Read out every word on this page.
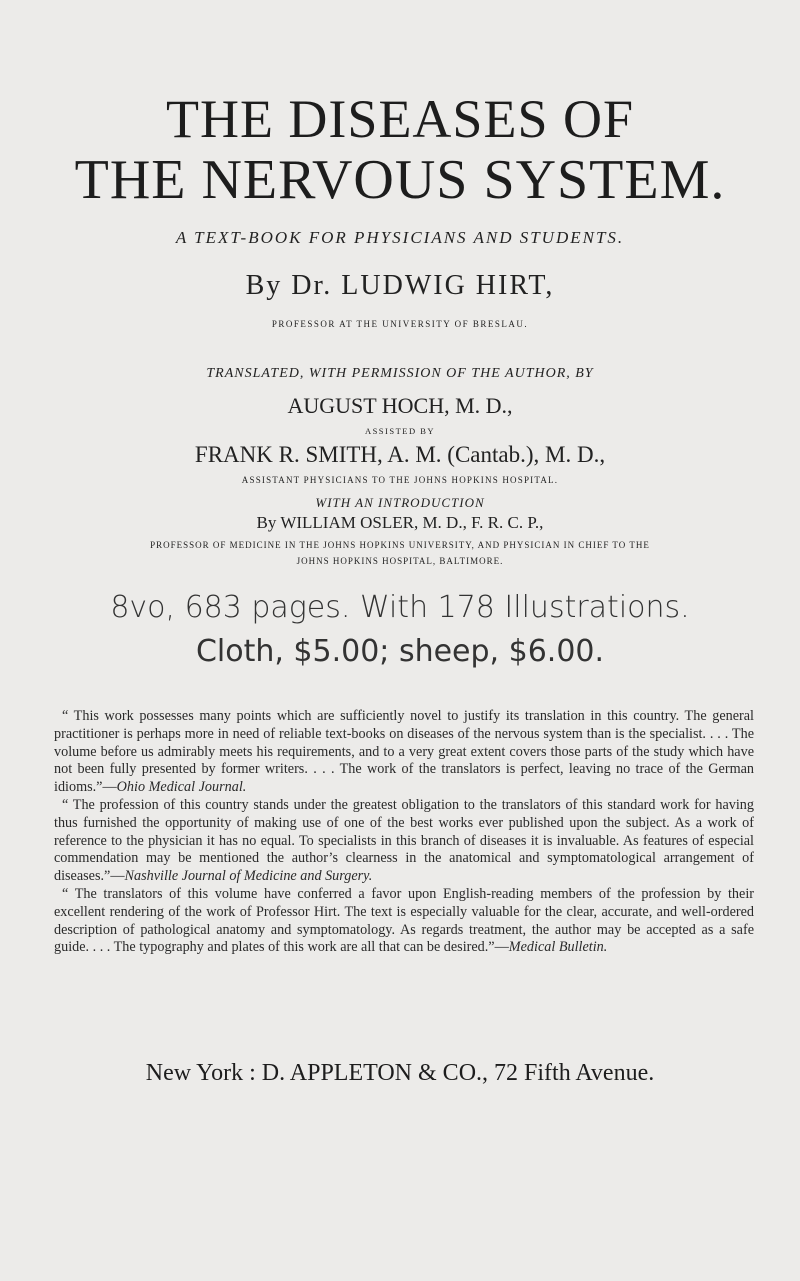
THE DISEASES OF
THE NERVOUS SYSTEM.
A TEXT-BOOK FOR PHYSICIANS AND STUDENTS.
By Dr. LUDWIG HIRT,
PROFESSOR AT THE UNIVERSITY OF BRESLAU.
TRANSLATED, WITH PERMISSION OF THE AUTHOR, BY
AUGUST HOCH, M. D.,
ASSISTED BY
FRANK R. SMITH, A. M. (Cantab.), M. D.,
ASSISTANT PHYSICIANS TO THE JOHNS HOPKINS HOSPITAL.
WITH AN INTRODUCTION
By WILLIAM OSLER, M. D., F. R. C. P.,
PROFESSOR OF MEDICINE IN THE JOHNS HOPKINS UNIVERSITY, AND PHYSICIAN IN CHIEF TO THE
JOHNS HOPKINS HOSPITAL, BALTIMORE.
8vo, 683 pages. With 178 Illustrations.
Cloth, $5.00; sheep, $6.00.

“ This work possesses many points which are sufficiently novel to justify its translation in this country. The general practitioner is perhaps more in need of reliable text-books on diseases of the nervous system than is the specialist. . . . The volume before us admirably meets his requirements, and to a very great extent covers those parts of the study which have not been fully presented by former writers. . . . The work of the translators is perfect, leaving no trace of the German idioms.”—Ohio Medical Journal.

“ The profession of this country stands under the greatest obligation to the translators of this standard work for having thus furnished the opportunity of making use of one of the best works ever published upon the subject. As a work of reference to the physician it has no equal. To specialists in this branch of diseases it is invaluable. As features of especial commendation may be mentioned the author’s clearness in the anatomical and symptomatological arrangement of diseases.”—Nashville Journal of Medicine and Surgery.

“ The translators of this volume have conferred a favor upon English-reading members of the profession by their excellent rendering of the work of Professor Hirt. The text is especially valuable for the clear, accurate, and well-ordered description of pathological anatomy and symptomatology. As regards treatment, the author may be accepted as a safe guide. . . . The typography and plates of this work are all that can be desired.”—Medical Bulletin.

New York : D. APPLETON & CO., 72 Fifth Avenue.
